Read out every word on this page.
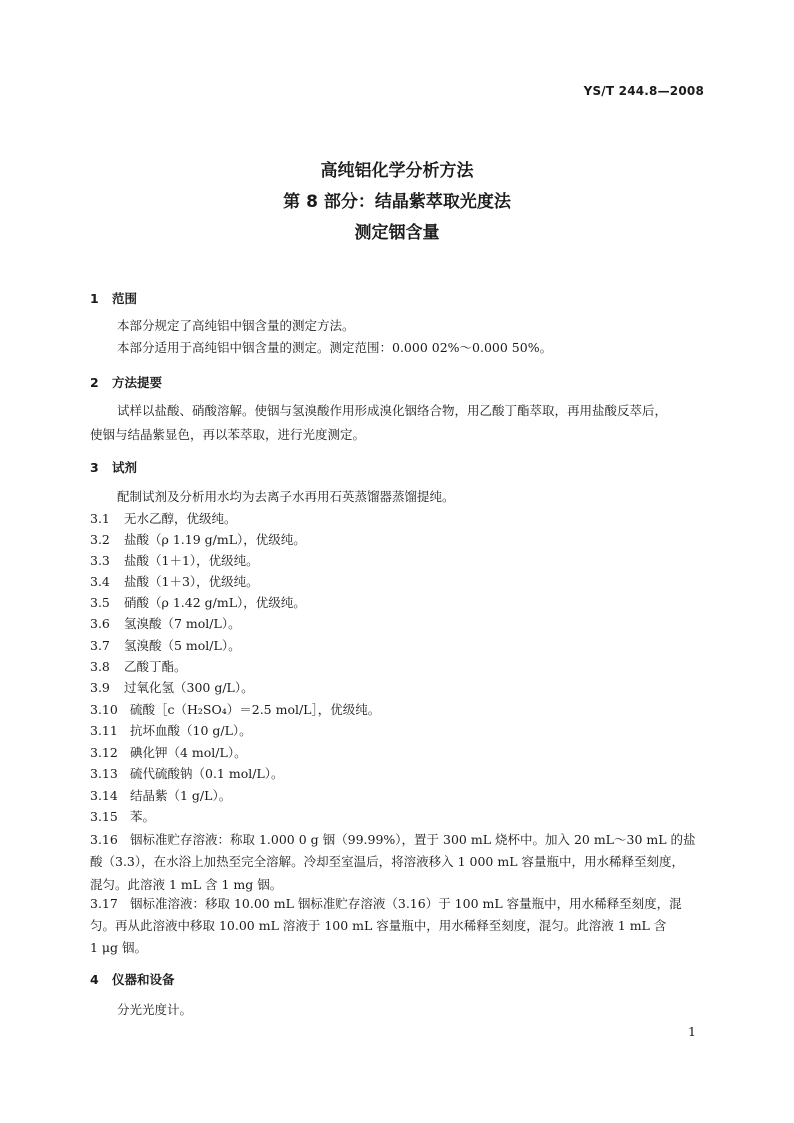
YS/T 244.8—2008
高纯铝化学分析方法
第 8 部分：结晶紫萃取光度法
测定铟含量
1 范围
本部分规定了高纯铝中铟含量的测定方法。
本部分适用于高纯铝中铟含量的测定。测定范围：0.000 02%～0.000 50%。
2 方法提要
试样以盐酸、硝酸溶解。使铟与氢溴酸作用形成溴化铟络合物，用乙酸丁酯萃取，再用盐酸反萃后，
使铟与结晶紫显色，再以苯萃取，进行光度测定。
3 试剂
配制试剂及分析用水均为去离子水再用石英蒸馏器蒸馏提纯。
3.1 无水乙醇，优级纯。
3.2 盐酸（ρ 1.19 g/mL），优级纯。
3.3 盐酸（1＋1），优级纯。
3.4 盐酸（1＋3），优级纯。
3.5 硝酸（ρ 1.42 g/mL），优级纯。
3.6 氢溴酸（7 mol/L）。
3.7 氢溴酸（5 mol/L）。
3.8 乙酸丁酯。
3.9 过氧化氢（300 g/L）。
3.10 硫酸［c（H₂SO₄）＝2.5 mol/L］，优级纯。
3.11 抗坏血酸（10 g/L）。
3.12 碘化钾（4 mol/L）。
3.13 硫代硫酸钠（0.1 mol/L）。
3.14 结晶紫（1 g/L）。
3.15 苯。
3.16 铟标准贮存溶液：称取 1.000 0 g 铟（99.99%），置于 300 mL 烧杯中。加入 20 mL～30 mL 的盐
酸（3.3），在水浴上加热至完全溶解。冷却至室温后，将溶液移入 1 000 mL 容量瓶中，用水稀释至刻度，
混匀。此溶液 1 mL 含 1 mg 铟。
3.17 铟标准溶液：移取 10.00 mL 铟标准贮存溶液（3.16）于 100 mL 容量瓶中，用水稀释至刻度，混
匀。再从此溶液中移取 10.00 mL 溶液于 100 mL 容量瓶中，用水稀释至刻度，混匀。此溶液 1 mL 含
1 μg 铟。
4 仪器和设备
分光光度计。
1
